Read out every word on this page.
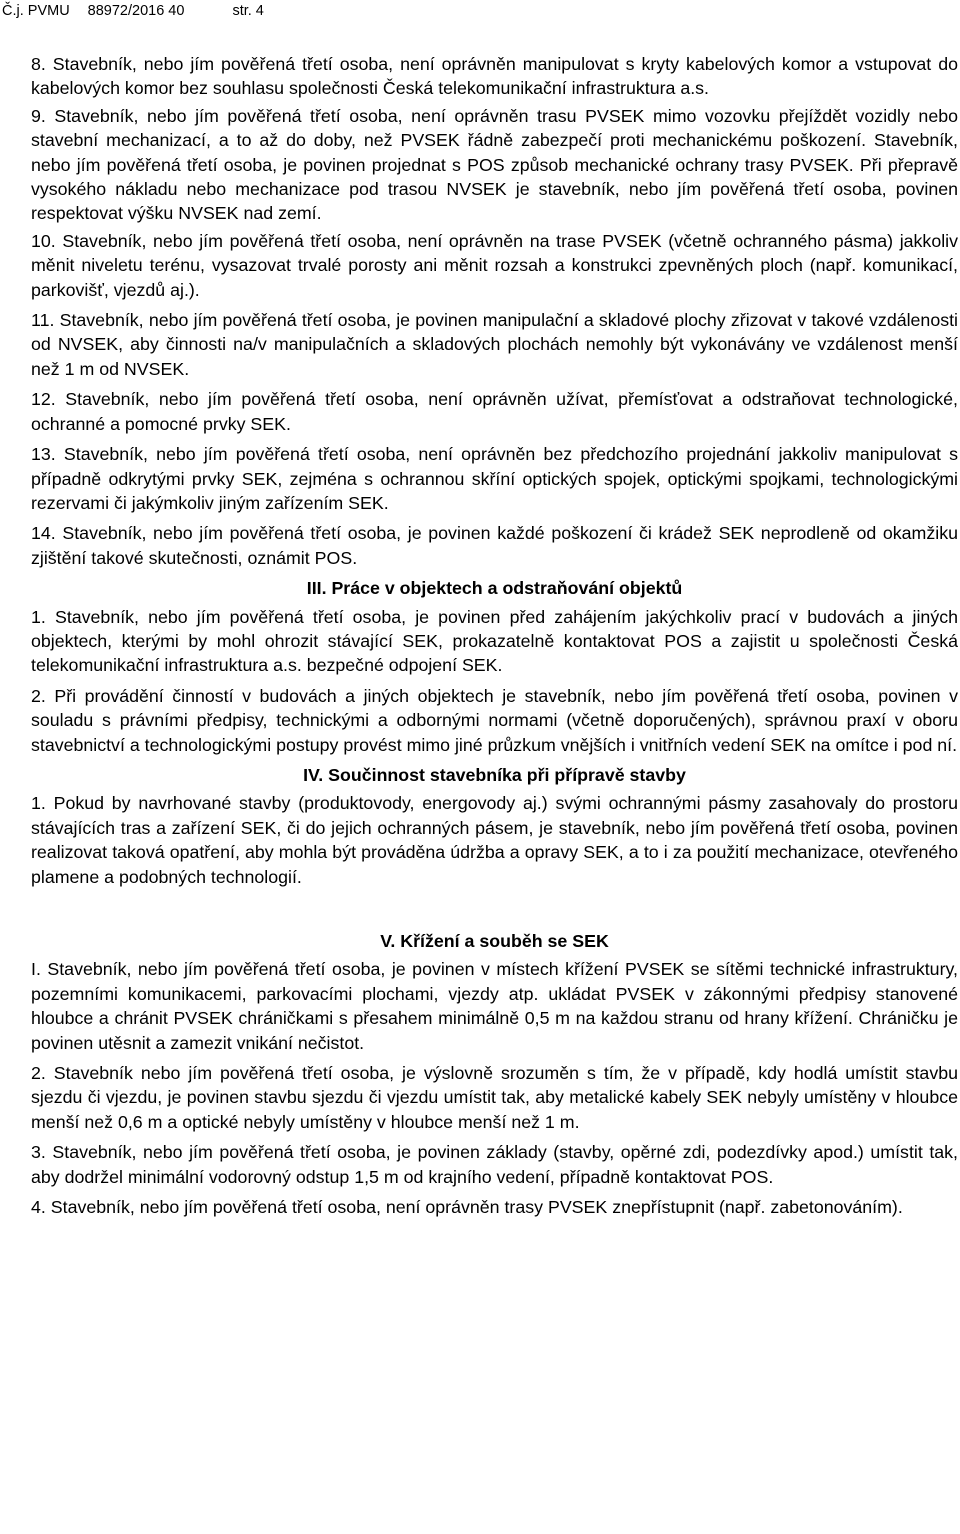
Č.j. PVMU 88972/2016 40	str. 4

8. Stavebník, nebo jím pověřená třetí osoba, není oprávněn manipulovat s kryty kabelových komor a vstupovat do kabelových komor bez souhlasu společnosti Česká telekomunikační infrastruktura a.s.

9. Stavebník, nebo jím pověřená třetí osoba, není oprávněn trasu PVSEK mimo vozovku přejíždět vozidly nebo stavební mechanizací, a to až do doby, než PVSEK řádně zabezpečí proti mechanickému poškození. Stavebník, nebo jím pověřená třetí osoba, je povinen projednat s POS způsob mechanické ochrany trasy PVSEK. Při přepravě vysokého nákladu nebo mechanizace pod trasou NVSEK je stavebník, nebo jím pověřená třetí osoba, povinen respektovat výšku NVSEK nad zemí.

10. Stavebník, nebo jím pověřená třetí osoba, není oprávněn na trase PVSEK (včetně ochranného pásma) jakkoliv měnit niveletu terénu, vysazovat trvalé porosty ani měnit rozsah a konstrukci zpevněných ploch (např. komunikací, parkovišť, vjezdů aj.).

11. Stavebník, nebo jím pověřená třetí osoba, je povinen manipulační a skladové plochy zřizovat v takové vzdálenosti od NVSEK, aby činnosti na/v manipulačních a skladových plochách nemohly být vykonávány ve vzdálenost menší než 1 m od NVSEK.

12. Stavebník, nebo jím pověřená třetí osoba, není oprávněn užívat, přemísťovat a odstraňovat technologické, ochranné a pomocné prvky SEK.

13. Stavebník, nebo jím pověřená třetí osoba, není oprávněn bez předchozího projednání jakkoliv manipulovat s případně odkrytými prvky SEK, zejména s ochrannou skříní optických spojek, optickými spojkami, technologickými rezervami či jakýmkoliv jiným zařízením SEK.

14. Stavebník, nebo jím pověřená třetí osoba, je povinen každé poškození či krádež SEK neprodleně od okamžiku zjištění takové skutečnosti, oznámit POS.

III. Práce v objektech a odstraňování objektů

1. Stavebník, nebo jím pověřená třetí osoba, je povinen před zahájením jakýchkoliv prací v budovách a jiných objektech, kterými by mohl ohrozit stávající SEK, prokazatelně kontaktovat POS a zajistit u společnosti Česká telekomunikační infrastruktura a.s. bezpečné odpojení SEK.

2. Při provádění činností v budovách a jiných objektech je stavebník, nebo jím pověřená třetí osoba, povinen v souladu s právními předpisy, technickými a odbornými normami (včetně doporučených), správnou praxí v oboru stavebnictví a technologickými postupy provést mimo jiné průzkum vnějších i vnitřních vedení SEK na omítce i pod ní.

IV. Součinnost stavebníka při přípravě stavby

1. Pokud by navrhované stavby (produktovody, energovody aj.) svými ochrannými pásmy zasahovaly do prostoru stávajících tras a zařízení SEK, či do jejich ochranných pásem, je stavebník, nebo jím pověřená třetí osoba, povinen realizovat taková opatření, aby mohla být prováděna údržba a opravy SEK, a to i za použití mechanizace, otevřeného plamene a podobných technologií.

V. Křížení a souběh se SEK

I. Stavebník, nebo jím pověřená třetí osoba, je povinen v místech křížení PVSEK se sítěmi technické infrastruktury, pozemními komunikacemi, parkovacími plochami, vjezdy atp. ukládat PVSEK v zákonnými předpisy stanovené hloubce a chránit PVSEK chráničkami s přesahem minimálně 0,5 m na každou stranu od hrany křížení. Chráničku je povinen utěsnit a zamezit vnikání nečistot.

2. Stavebník nebo jím pověřená třetí osoba, je výslovně srozuměn s tím, že v případě, kdy hodlá umístit stavbu sjezdu či vjezdu, je povinen stavbu sjezdu či vjezdu umístit tak, aby metalické kabely SEK nebyly umístěny v hloubce menší než 0,6 m a optické nebyly umístěny v hloubce menší než 1 m.

3. Stavebník, nebo jím pověřená třetí osoba, je povinen základy (stavby, opěrné zdi, podezdívky apod.) umístit tak, aby dodržel minimální vodorovný odstup 1,5 m od krajního vedení, případně kontaktovat POS.

4. Stavebník, nebo jím pověřená třetí osoba, není oprávněn trasy PVSEK znepřístupnit (např. zabetonováním).
